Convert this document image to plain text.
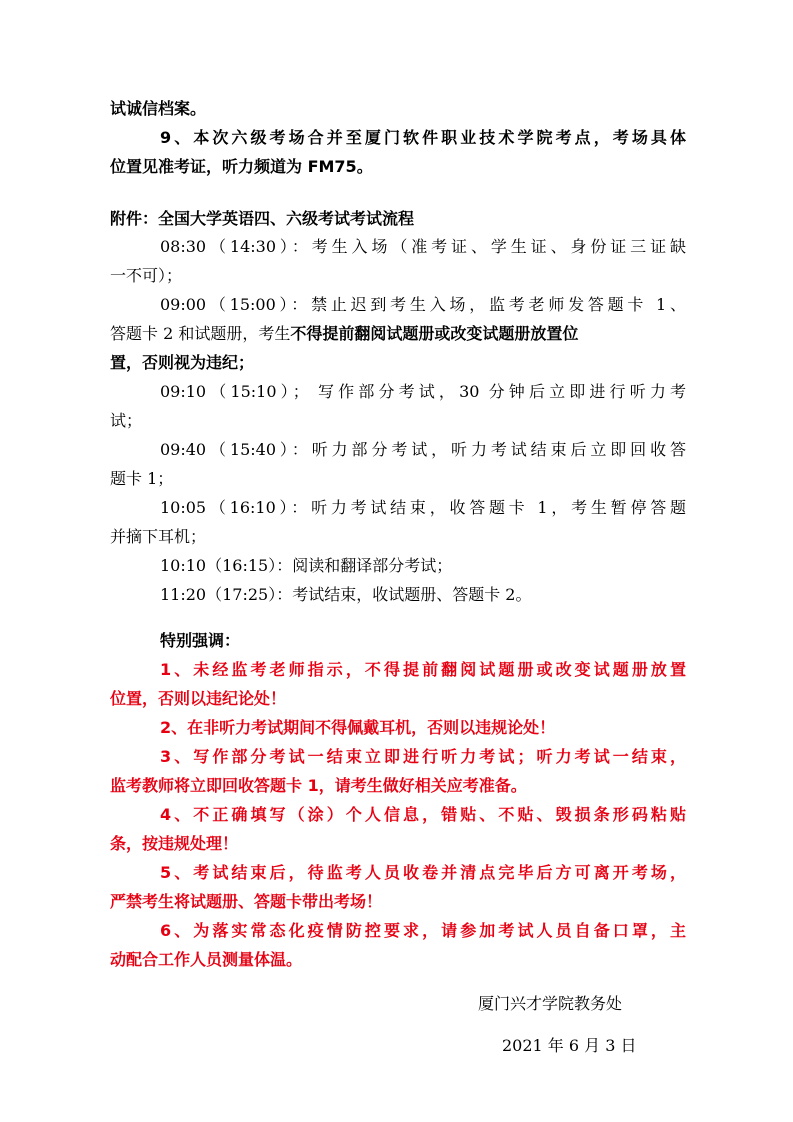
试诚信档案。
9、本次六级考场合并至厦门软件职业技术学院考点，考场具体
位置见准考证，听力频道为 FM75。
附件：全国大学英语四、六级考试考试流程
08:30（14:30）：考生入场（准考证、学生证、身份证三证缺
一不可）；
09:00（15:00）：禁止迟到考生入场，监考老师发答题卡 1、
答题卡 2 和试题册，考生不得提前翻阅试题册或改变试题册放置位
置，否则视为违纪；
09:10（15:10）； 写作部分考试，30 分钟后立即进行听力考
试；
09:40（15:40）：听力部分考试，听力考试结束后立即回收答
题卡 1；
10:05（16:10）：听力考试结束，收答题卡 1，考生暂停答题
并摘下耳机；
10:10（16:15）：阅读和翻译部分考试；
11:20（17:25）：考试结束，收试题册、答题卡 2。
特别强调：
1、未经监考老师指示，不得提前翻阅试题册或改变试题册放置
位置，否则以违纪论处！
2、在非听力考试期间不得佩戴耳机，否则以违规论处！
3、写作部分考试一结束立即进行听力考试；听力考试一结束，
监考教师将立即回收答题卡 1，请考生做好相关应考准备。
4、不正确填写（涂）个人信息，错贴、不贴、毁损条形码粘贴
条，按违规处理！
5、考试结束后，待监考人员收卷并清点完毕后方可离开考场，
严禁考生将试题册、答题卡带出考场！
6、为落实常态化疫情防控要求，请参加考试人员自备口罩，主
动配合工作人员测量体温。
厦门兴才学院教务处
2021 年 6 月 3 日
